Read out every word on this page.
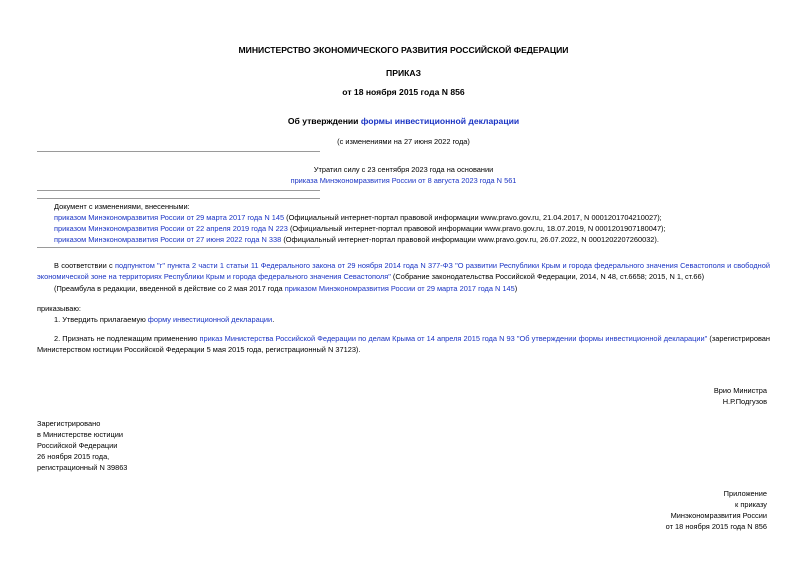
МИНИСТЕРСТВО ЭКОНОМИЧЕСКОГО РАЗВИТИЯ РОССИЙСКОЙ ФЕДЕРАЦИИ
ПРИКАЗ
от 18 ноября 2015 года N 856
Об утверждении формы инвестиционной декларации
(с изменениями на 27 июня 2022 года)
Утратил силу с 23 сентября 2023 года на основании
приказа Минэкономразвития России от 8 августа 2023 года N 561
Документ с изменениями, внесенными:
приказом Минэкономразвития России от 29 марта 2017 года N 145 (Официальный интернет-портал правовой информации www.pravo.gov.ru, 21.04.2017, N 0001201704210027);
приказом Минэкономразвития России от 22 апреля 2019 года N 223 (Официальный интернет-портал правовой информации www.pravo.gov.ru, 18.07.2019, N 0001201907180047);
приказом Минэкономразвития России от 27 июня 2022 года N 338 (Официальный интернет-портал правовой информации www.pravo.gov.ru, 26.07.2022, N 0001202207260032).
В соответствии с подпунктом "г" пункта 2 части 1 статьи 11 Федерального закона от 29 ноября 2014 года N 377-ФЗ "О развитии Республики Крым и города федерального значения Севастополя и свободной экономической зоне на территориях Республики Крым и города федерального значения Севастополя" (Собрание законодательства Российской Федерации, 2014, N 48, ст.6658; 2015, N 1, ст.66)
(Преамбула в редакции, введенной в действие со 2 мая 2017 года приказом Минэкономразвития России от 29 марта 2017 года N 145)
приказываю:
1. Утвердить прилагаемую форму инвестиционной декларации.
2. Признать не подлежащим применению приказ Министерства Российской Федерации по делам Крыма от 14 апреля 2015 года N 93 "Об утверждении формы инвестиционной декларации" (зарегистрирован Министерством юстиции Российской Федерации 5 мая 2015 года, регистрационный N 37123).
Врио Министра
Н.Р.Подгузов
Зарегистрировано
в Министерстве юстиции
Российской Федерации
26 ноября 2015 года,
регистрационный N 39863
Приложение
к приказу
Минэкономразвития России
от 18 ноября 2015 года N 856
